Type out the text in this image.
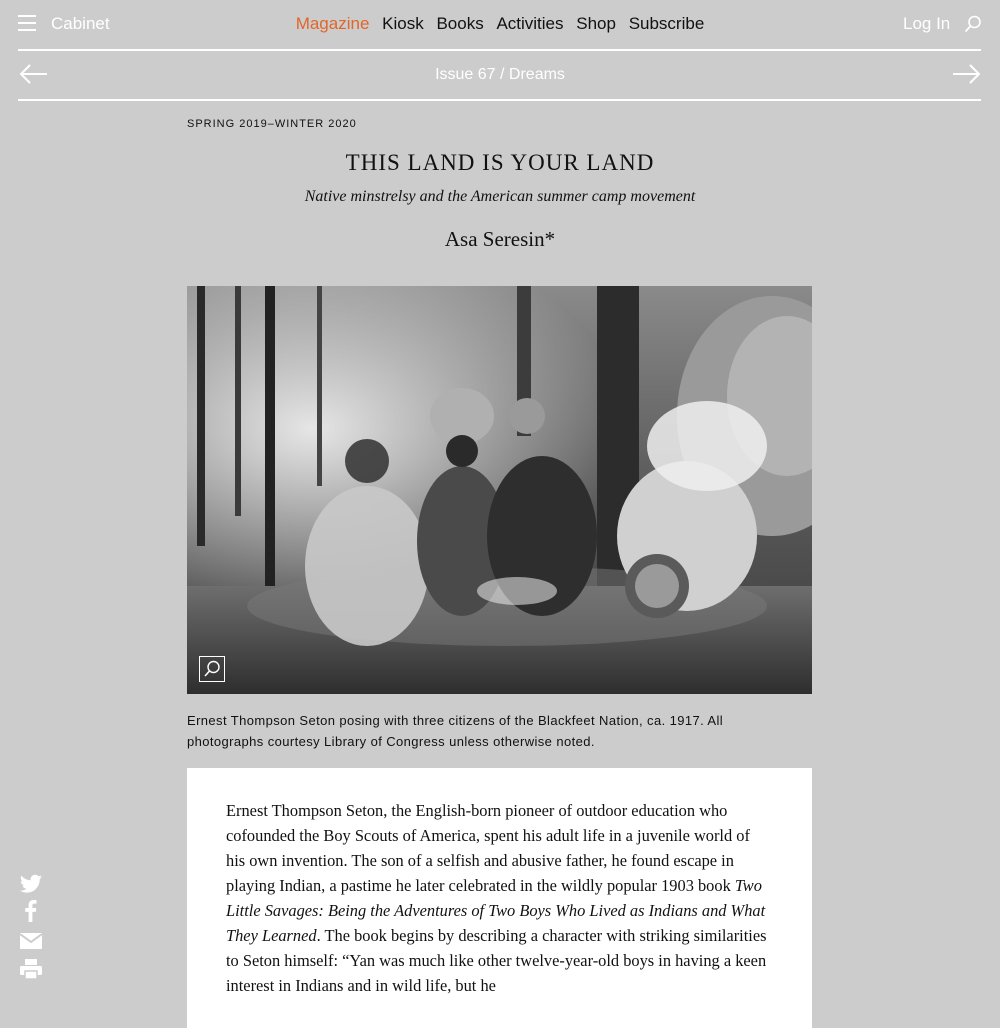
Cabinet	Magazine Kiosk Books Activities Shop Subscribe	Log In
Issue 67 / Dreams
SPRING 2019–WINTER 2020
THIS LAND IS YOUR LAND
Native minstrelsy and the American summer camp movement
Asa Seresin*
Ernest Thompson Seton posing with three citizens of the Blackfeet Nation, ca. 1917. All photographs courtesy Library of Congress unless otherwise noted.

Ernest Thompson Seton, the English-born pioneer of outdoor education who cofounded the Boy Scouts of America, spent his adult life in a juvenile world of his own invention. The son of a selfish and abusive father, he found escape in playing Indian, a pastime he later celebrated in the wildly popular 1903 book Two Little Savages: Being the Adventures of Two Boys Who Lived as Indians and What They Learned. The book begins by describing a character with striking similarities to Seton himself: “Yan was much like other twelve-year-old boys in having a keen interest in Indians and in wild life, but he
